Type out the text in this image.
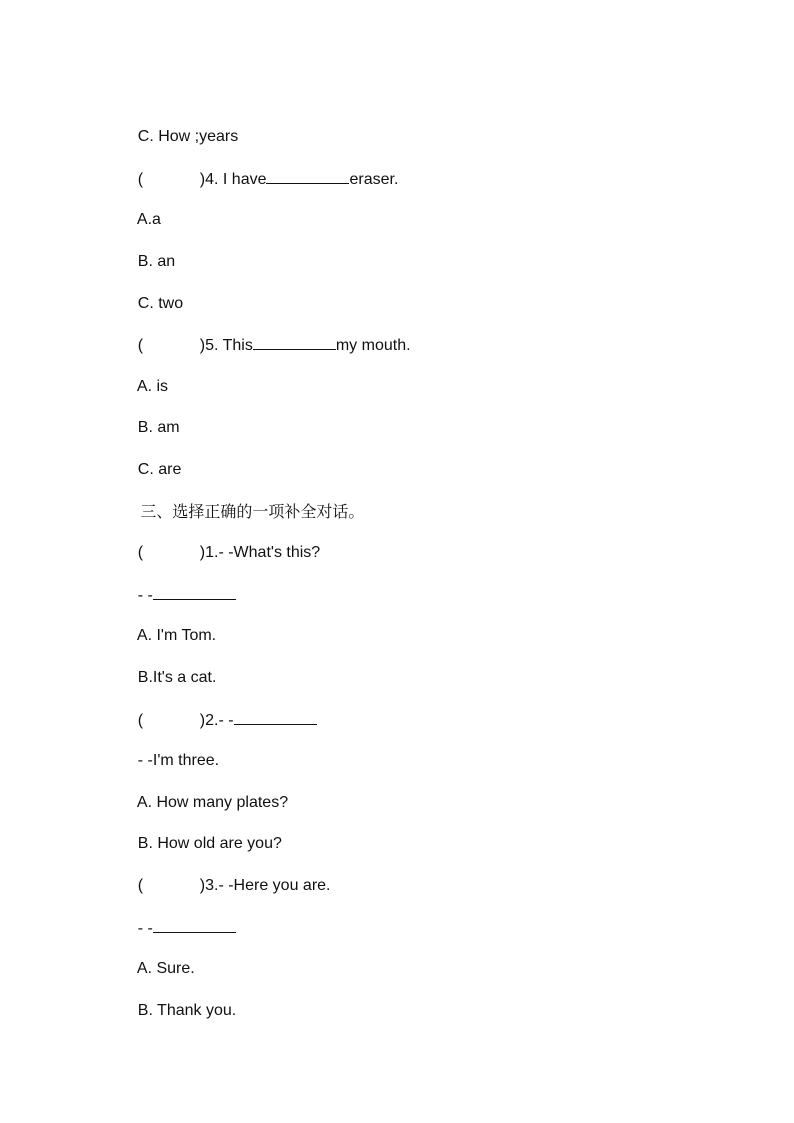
C. How ;years

(	)4. I have	eraser.

A.a

B. an

C. two

(	)5. This	my mouth.

A. is

B. am

C. are

三、选择正确的一项补全对话。

(	)1.- -What's this?

- -

A. I'm Tom.

B.It's a cat.

(	)2.- -

- -I'm three.

A. How many plates?

B. How old are you?

(	)3.- -Here you are.

- -

A. Sure.

B. Thank you.
